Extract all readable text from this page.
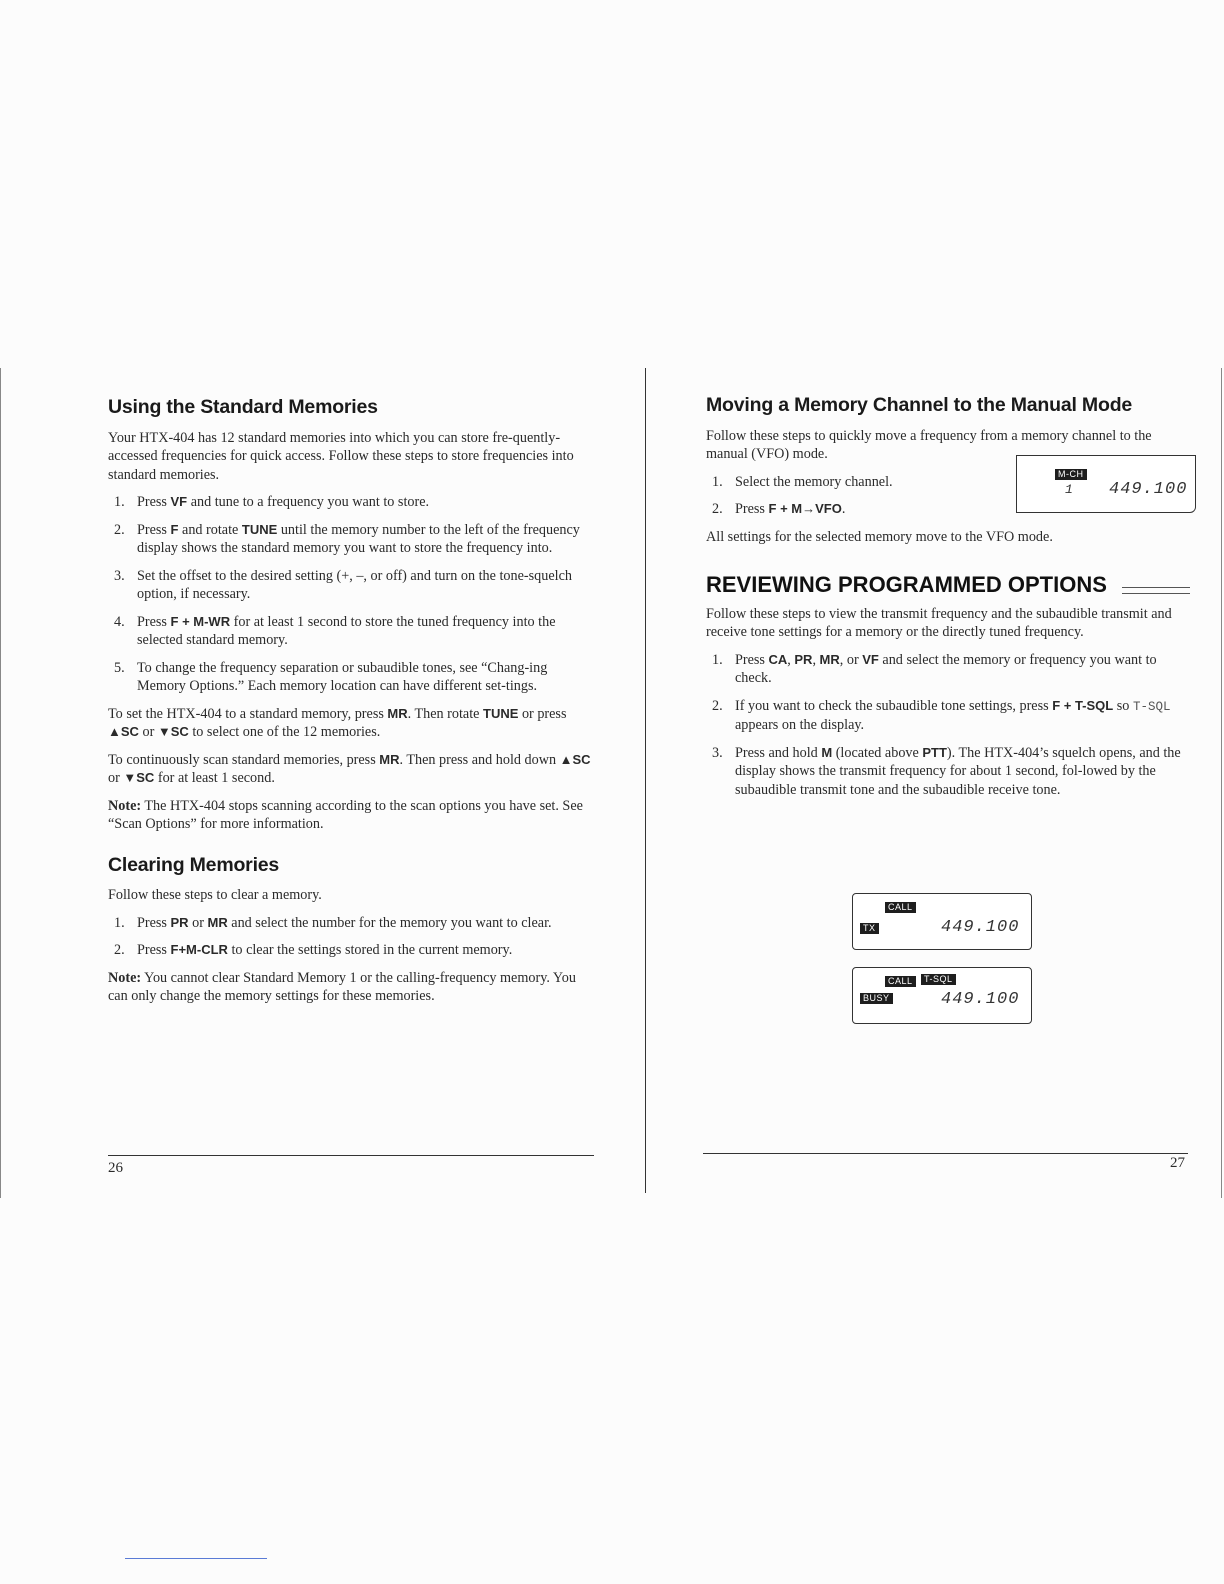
Using the Standard Memories

Your HTX-404 has 12 standard memories into which you can store fre-quently-accessed frequencies for quick access. Follow these steps to store frequencies into standard memories.

1. Press VF and tune to a frequency you want to store.
2. Press F and rotate TUNE until the memory number to the left of the frequency display shows the standard memory you want to store the frequency into.
3. Set the offset to the desired setting (+, –, or off) and turn on the tone-squelch option, if necessary.
4. Press F + M-WR for at least 1 second to store the tuned frequency into the selected standard memory.
5. To change the frequency separation or subaudible tones, see “Chang-ing Memory Options.” Each memory location can have different set-tings.

To set the HTX-404 to a standard memory, press MR. Then rotate TUNE or press ▲SC or ▼SC to select one of the 12 memories.

To continuously scan standard memories, press MR. Then press and hold down ▲SC or ▼SC for at least 1 second.

Note: The HTX-404 stops scanning according to the scan options you have set. See “Scan Options” for more information.

Clearing Memories

Follow these steps to clear a memory.

1. Press PR or MR and select the number for the memory you want to clear.
2. Press F+M-CLR to clear the settings stored in the current memory.

Note: You cannot clear Standard Memory 1 or the calling-frequency memory. You can only change the memory settings for these memories.

26
Moving a Memory Channel to the Manual Mode

Follow these steps to quickly move a frequency from a memory channel to the manual (VFO) mode.

1. Select the memory channel.
2. Press F + M→VFO.

All settings for the selected memory move to the VFO mode.

REVIEWING PROGRAMMED OPTIONS

Follow these steps to view the transmit frequency and the subaudible transmit and receive tone settings for a memory or the directly tuned frequency.

1. Press CA, PR, MR, or VF and select the memory or frequency you want to check.
2. If you want to check the subaudible tone settings, press F + T-SQL so T-SQL appears on the display.
3. Press and hold M (located above PTT). The HTX-404’s squelch opens, and the display shows the transmit frequency for about 1 second, fol-lowed by the subaudible transmit tone and the subaudible receive tone.
M-CH
1 449.100
CALL
TX	449.100
CALL	T-SQL
BUSY	449.100
27
